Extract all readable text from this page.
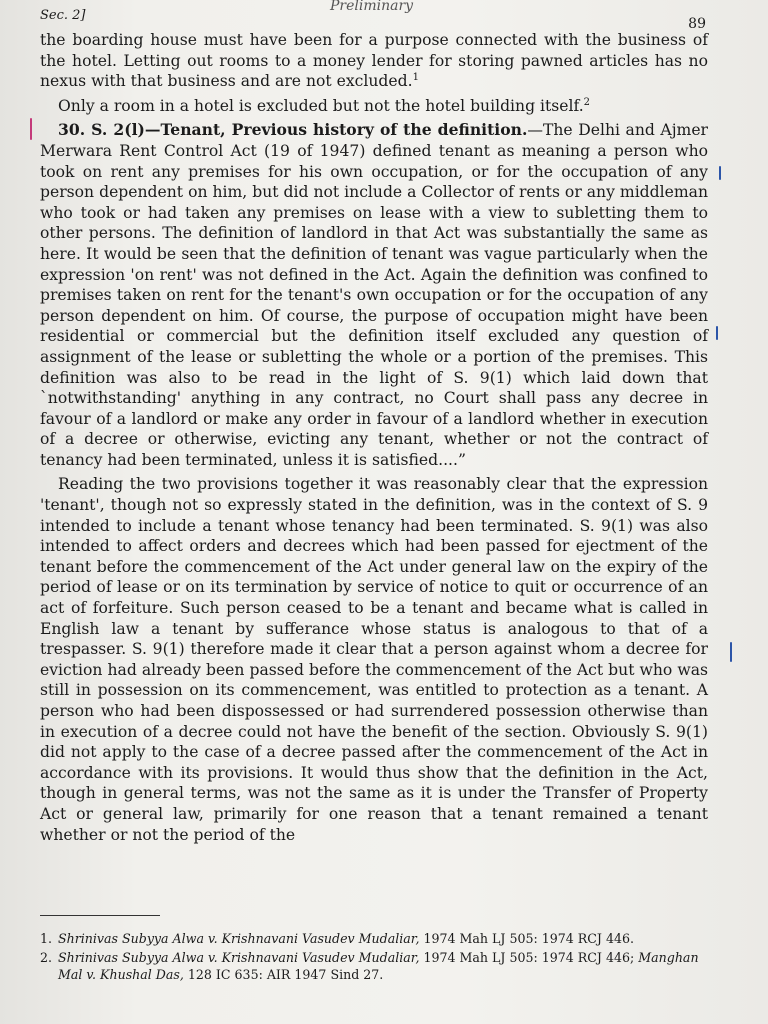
Sec. 2]
Preliminary
89

the boarding house must have been for a purpose connected with the business of the hotel. Letting out rooms to a money lender for storing pawned articles has no nexus with that business and are not excluded.$^1$

Only a room in a hotel is excluded but not the hotel building itself.$^2$

30. S. 2(l)—Tenant, Previous history of the definition.—The Delhi and Ajmer Merwara Rent Control Act (19 of 1947) defined tenant as meaning a person who took on rent any premises for his own occupation, or for the occupation of any person dependent on him, but did not include a Collector of rents or any middleman who took or had taken any premises on lease with a view to subletting them to other persons. The definition of landlord in that Act was substantially the same as here. It would be seen that the definition of tenant was vague particularly when the expression 'on rent' was not defined in the Act. Again the definition was confined to premises taken on rent for the tenant's own occupation or for the occupation of any person dependent on him. Of course, the purpose of occupation might have been residential or commercial but the definition itself excluded any question of assignment of the lease or subletting the whole or a portion of the premises. This definition was also to be read in the light of S. 9(1) which laid down that `notwithstanding' anything in any contract, no Court shall pass any decree in favour of a landlord or make any order in favour of a landlord whether in execution of a decree or otherwise, evicting any tenant, whether or not the contract of tenancy had been terminated, unless it is satisfied....”

Reading the two provisions together it was reasonably clear that the expression 'tenant', though not so expressly stated in the definition, was in the context of S. 9 intended to include a tenant whose tenancy had been terminated. S. 9(1) was also intended to affect orders and decrees which had been passed for ejectment of the tenant before the commencement of the Act under general law on the expiry of the period of lease or on its termination by service of notice to quit or occurrence of an act of forfeiture. Such person ceased to be a tenant and became what is called in English law a tenant by sufferance whose status is analogous to that of a trespasser. S. 9(1) therefore made it clear that a person against whom a decree for eviction had already been passed before the commencement of the Act but who was still in possession on its commencement, was entitled to protection as a tenant. A person who had been dispossessed or had surrendered possession otherwise than in execution of a decree could not have the benefit of the section. Obviously S. 9(1) did not apply to the case of a decree passed after the commencement of the Act in accordance with its provisions. It would thus show that the definition in the Act, though in general terms, was not the same as it is under the Transfer of Property Act or general law, primarily for one reason that a tenant remained a tenant whether or not the period of the

1. Shrinivas Subyya Alwa v. Krishnavani Vasudev Mudaliar, 1974 Mah LJ 505: 1974 RCJ 446.
2. Shrinivas Subyya Alwa v. Krishnavani Vasudev Mudaliar, 1974 Mah LJ 505: 1974 RCJ 446; Manghan Mal v. Khushal Das, 128 IC 635: AIR 1947 Sind 27.
